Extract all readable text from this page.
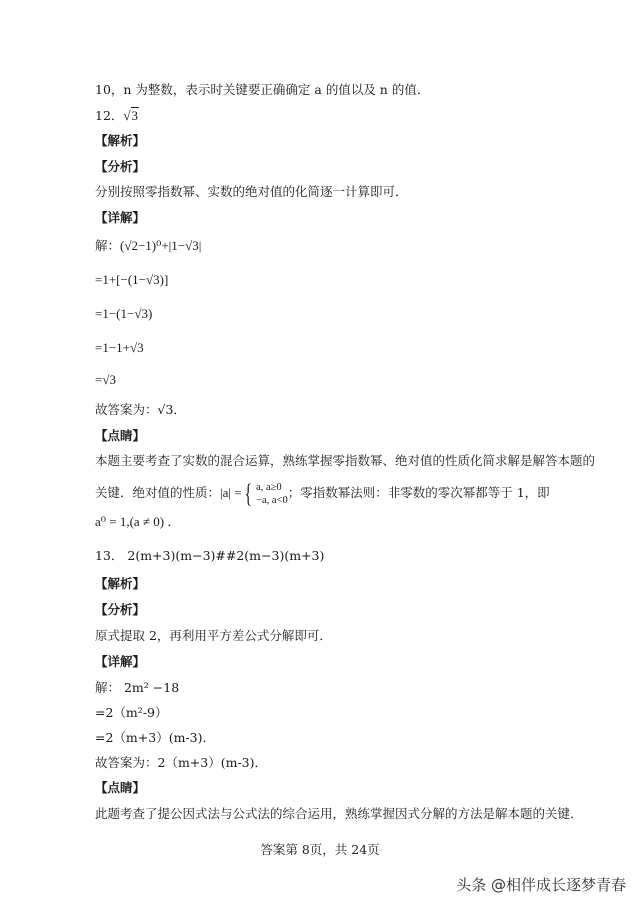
10，n 为整数，表示时关键要正确确定 a 的值以及 n 的值．
12．√3
【解析】
【分析】
分别按照零指数幂、实数的绝对值的化简逐一计算即可．
【详解】
解：(√2−1)⁰+|1−√3|
=1+[−(1−√3)]
=1−(1−√3)
=1−1+√3
=√3
故答案为：√3．
【点睛】
本题主要考查了实数的混合运算，熟练掌握零指数幂、绝对值的性质化简求解是解答本题的
关键．绝对值的性质：|a| ={ a, a≥0
−a, a<0；零指数幂法则：非零数的零次幂都等于 1，即
a⁰ = 1,(a ≠ 0) ．
13． 2(m+3)(m−3)##2(m−3)(m+3)
【解析】
【分析】
原式提取 2，再利用平方差公式分解即可．
【详解】
解： 2m² −18
=2（m²-9）
=2（m+3）(m-3)．
故答案为：2（m+3）(m-3)．
【点睛】
此题考查了提公因式法与公式法的综合运用，熟练掌握因式分解的方法是解本题的关键．
答案第 8页，共 24页
头条 @相伴成长逐梦青春
